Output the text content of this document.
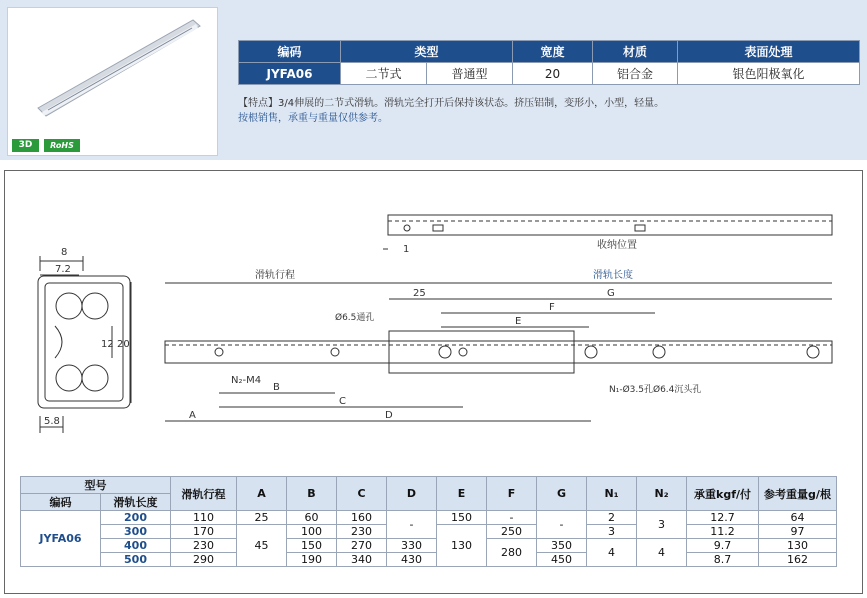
3D	RoHS
编码	类型		宽度	材质	表面处理
JYFA06	二节式	普通型	20	铝合金	银色阳极氧化
【特点】3/4伸展的二节式滑轨。滑轨完全打开后保持该状态。挤压铝制，变形小，小型，轻量。
按根销售，承重与重量仅供参考。
8
7.2
12 20
5.8
1	收纳位置
滑轨行程	滑轨长度
25	G
F
E
Ø6.5通孔
N₂-M4
N₁-Ø3.5孔Ø6.4沉头孔
B
C
A	D
型号		滑轨行程	A	B	C	D	E	F	G	N₁	N₂	承重kgf/付	参考重量g/根
编码	滑轨长度												
JYFA06	200	110	25	60	160	-	150	-	-	2	3	12.7	64
	300	170	45	100	230		130	250		3		11.2	97
	400	230		150	270	330		280	350	4	4	9.7	130
	500	290		190	340	430			450			8.7	162
